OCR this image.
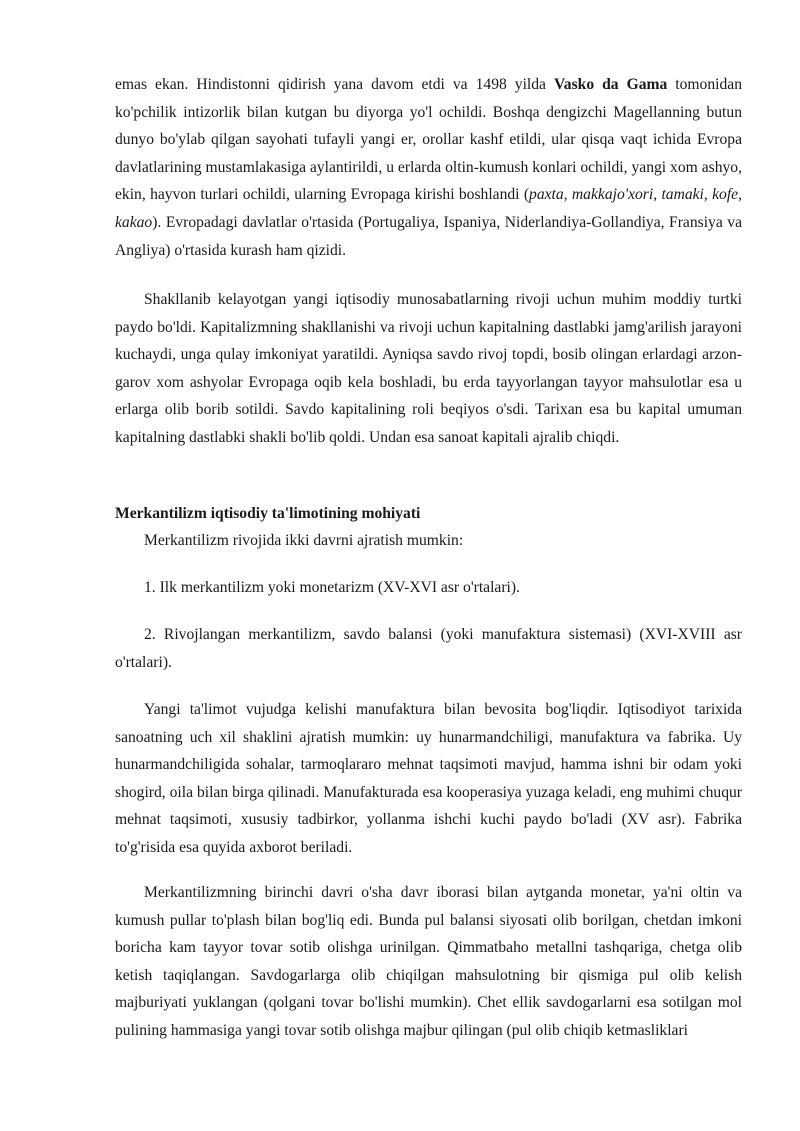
emas ekan. Hindistonni qidirish yana davom etdi va 1498 yilda Vasko da Gama tomonidan ko'pchilik intizorlik bilan kutgan bu diyorga yo'l ochildi. Boshqa dengizchi Magellanning butun dunyo bo'ylab qilgan sayohati tufayli yangi er, orollar kashf etildi, ular qisqa vaqt ichida Evropa davlatlarining mustamlakasiga aylantirildi, u erlarda oltin-kumush konlari ochildi, yangi xom ashyo, ekin, hayvon turlari ochildi, ularning Evropaga kirishi boshlandi (paxta, makkajo'xori, tamaki, kofe, kakao). Evropadagi davlatlar o'rtasida (Portugaliya, Ispaniya, Niderlandiya-Gollandiya, Fransiya va Angliya) o'rtasida kurash ham qizidi.

Shakllanib kelayotgan yangi iqtisodiy munosabatlarning rivoji uchun muhim moddiy turtki paydo bo'ldi. Kapitalizmning shakllanishi va rivoji uchun kapitalning dastlabki jamg'arilish jarayoni kuchaydi, unga qulay imkoniyat yaratildi. Ayniqsa savdo rivoj topdi, bosib olingan erlardagi arzon-garov xom ashyolar Evropaga oqib kela boshladi, bu erda tayyorlangan tayyor mahsulotlar esa u erlarga olib borib sotildi. Savdo kapitalining roli beqiyos o'sdi. Tarixan esa bu kapital umuman kapitalning dastlabki shakli bo'lib qoldi. Undan esa sanoat kapitali ajralib chiqdi.

Merkantilizm iqtisodiy ta'limotining mohiyati

Merkantilizm rivojida ikki davrni ajratish mumkin:

1. Ilk merkantilizm yoki monetarizm (XV-XVI asr o'rtalari).

2. Rivojlangan merkantilizm, savdo balansi (yoki manufaktura sistemasi) (XVI-XVIII asr o'rtalari).

Yangi ta'limot vujudga kelishi manufaktura bilan bevosita bog'liqdir. Iqtisodiyot tarixida sanoatning uch xil shaklini ajratish mumkin: uy hunarmandchiligi, manufaktura va fabrika. Uy hunarmandchiligida sohalar, tarmoqlararo mehnat taqsimoti mavjud, hamma ishni bir odam yoki shogird, oila bilan birga qilinadi. Manufakturada esa kooperasiya yuzaga keladi, eng muhimi chuqur mehnat taqsimoti, xususiy tadbirkor, yollanma ishchi kuchi paydo bo'ladi (XV asr). Fabrika to'g'risida esa quyida axborot beriladi.

Merkantilizmning birinchi davri o'sha davr iborasi bilan aytganda monetar, ya'ni oltin va kumush pullar to'plash bilan bog'liq edi. Bunda pul balansi siyosati olib borilgan, chetdan imkoni boricha kam tayyor tovar sotib olishga urinilgan. Qimmatbaho metallni tashqariga, chetga olib ketish taqiqlangan. Savdogarlarga olib chiqilgan mahsulotning bir qismiga pul olib kelish majburiyati yuklangan (qolgani tovar bo'lishi mumkin). Chet ellik savdogarlarni esa sotilgan mol pulining hammasiga yangi tovar sotib olishga majbur qilingan (pul olib chiqib ketmasliklari
